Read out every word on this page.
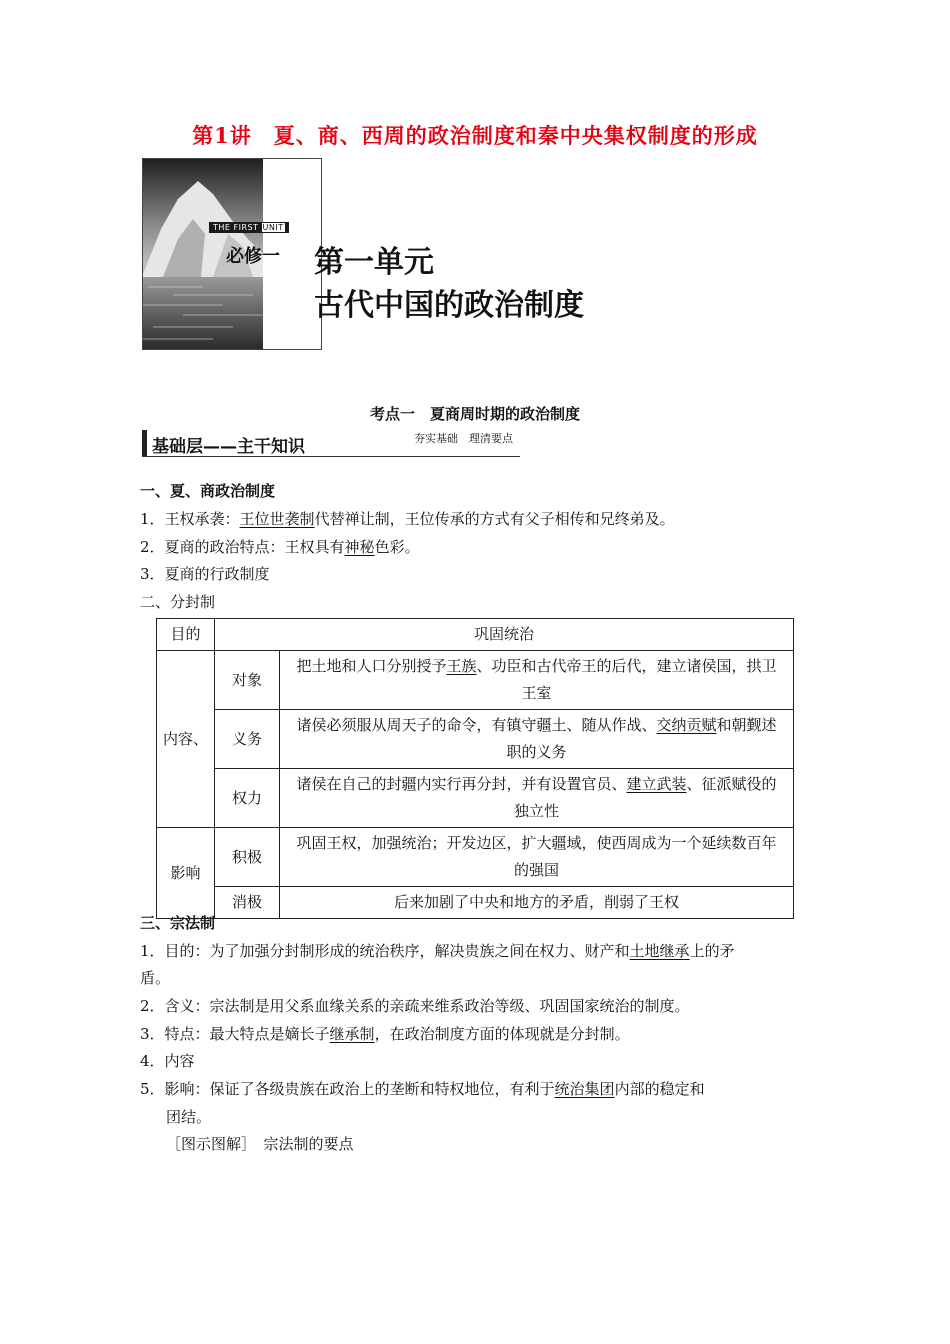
第1讲　夏、商、西周的政治制度和秦中央集权制度的形成
THE FIRST UNIT
必修一 第一单元
古代中国的政治制度
考点一　夏商周时期的政治制度
基础层——主干知识	夯实基础　理清要点
一、夏、商政治制度
1．王权承袭：王位世袭制代替禅让制，王位传承的方式有父子相传和兄终弟及。
2．夏商的政治特点：王权具有神秘色彩。
3．夏商的行政制度
二、分封制
目的	巩固统治	
内容、	对象	把土地和人口分别授予王族、功臣和古代帝王的后代，建立诸侯国，拱卫王室
	义务	诸侯必须服从周天子的命令，有镇守疆土、随从作战、交纳贡赋和朝觐述职的义务
	权力	诸侯在自己的封疆内实行再分封，并有设置官员、建立武装、征派赋役的独立性
影响	积极	巩固王权，加强统治；开发边区，扩大疆域，使西周成为一个延续数百年的强国
	消极	后来加剧了中央和地方的矛盾，削弱了王权
三、宗法制
1．目的：为了加强分封制形成的统治秩序，解决贵族之间在权力、财产和土地继承上的矛
盾。
2．含义：宗法制是用父系血缘关系的亲疏来维系政治等级、巩固国家统治的制度。
3．特点：最大特点是嫡长子继承制，在政治制度方面的体现就是分封制。
4．内容
5．影响：保证了各级贵族在政治上的垄断和特权地位，有利于统治集团内部的稳定和
团结。
［图示图解］　宗法制的要点
